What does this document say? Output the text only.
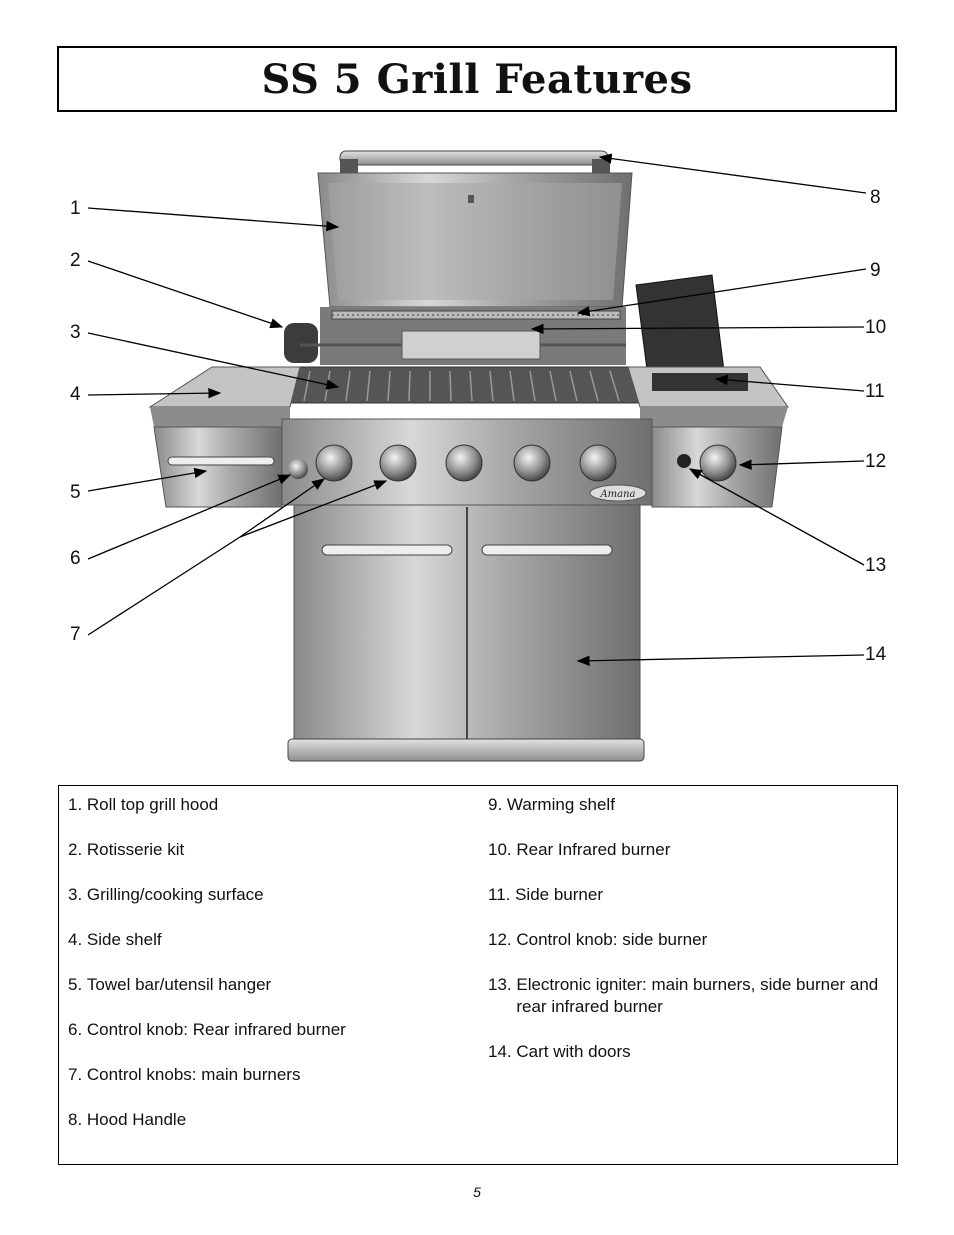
SS 5 Grill Features
Amana
1
2
3
4
5
6
7
8
9
10
11
12
13
14
1. Roll top grill hood
2. Rotisserie kit
3. Grilling/cooking surface
4. Side shelf
5. Towel bar/utensil hanger
6. Control knob: Rear infrared burner
7. Control knobs: main burners
8. Hood Handle
9. Warming shelf
10. Rear Infrared burner
11. Side burner
12. Control knob: side burner
13. Electronic igniter: main burners, side burner and rear infrared burner
14. Cart with doors
5
